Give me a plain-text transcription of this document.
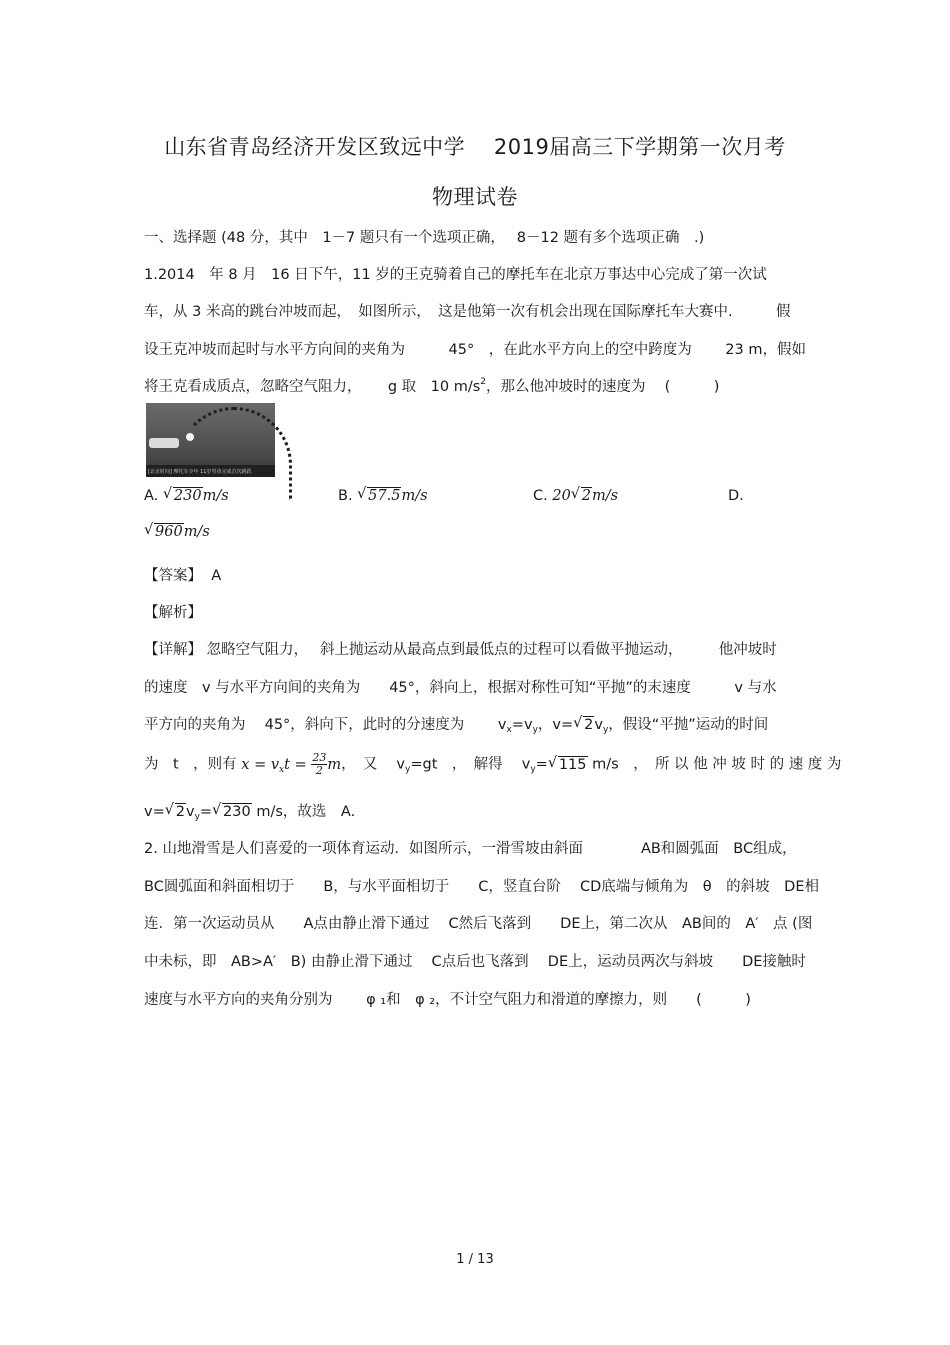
山东省青岛经济开发区致远中学　 2019届高三下学期第一次月考
物理试卷
一、选择题 (48 分，其中　1－7 题只有一个选项正确，　 8－12 题有多个选项正确　.)
1.2014　年 8 月　16 日下午，11 岁的王克骑着自己的摩托车在北京万事达中心完成了第一次试
车，从 3 米高的跳台冲坡而起，　如图所示，　这是他第一次有机会出现在国际摩托车大赛中.　　　假
设王克冲坡而起时与水平方向间的夹角为　　　45°　，在此水平方向上的空中跨度为　　 23 m，假如
将王克看成质点，忽略空气阻力，　　 g 取　10 $m/s^2$，那么他冲坡时的速度为　 (　　　)
[北京时间] 摩托车少年 11岁男孩完成首次跳跃
A. √ 230m/s	B. √ 57.5m/s	C. 20 √ 2m/s	D.
√ 960m/s
【答案】 A
【解析】
【详解】 忽略空气阻力，　 斜上抛运动从最高点到最低点的过程可以看做平抛运动，　　　他冲坡时
的速度　v 与水平方向间的夹角为　　45°，斜向上，根据对称性可知“平抛”的末速度　　　v 与水
平方向的夹角为　 45°，斜向下，此时的分速度为　　 $v_x=v_y$，v= √ $2v_y$，假设“平抛”运动的时间
为　t　，则有 $x = v_xt = \frac{23}{2}$ m，　又　 $v_y=gt$　，　解得　 $v_y=$ √ 115 m/s　，　所 以 他 冲 坡 时 的 速 度 为
v= √ $2v_y=$ √ 230 m/s，故选　A.
2. 山地滑雪是人们喜爱的一项体育运动．如图所示，一滑雪坡由斜面　　　　AB和圆弧面　BC组成，
BC圆弧面和斜面相切于　　B，与水平面相切于　　C，竖直台阶　 CD底端与倾角为　θ　的斜坡　DE相
连．第一次运动员从　　A点由静止滑下通过　 C然后飞落到　　DE上，第二次从　AB间的　A′　点 (图
中未标，即　AB>A′　B) 由静止滑下通过　 C点后也飞落到　 DE上，运动员两次与斜坡　　DE接触时
速度与水平方向的夹角分别为　　 φ ₁和　φ ₂，不计空气阻力和滑道的摩擦力，则　　(　　　)
1 / 13
